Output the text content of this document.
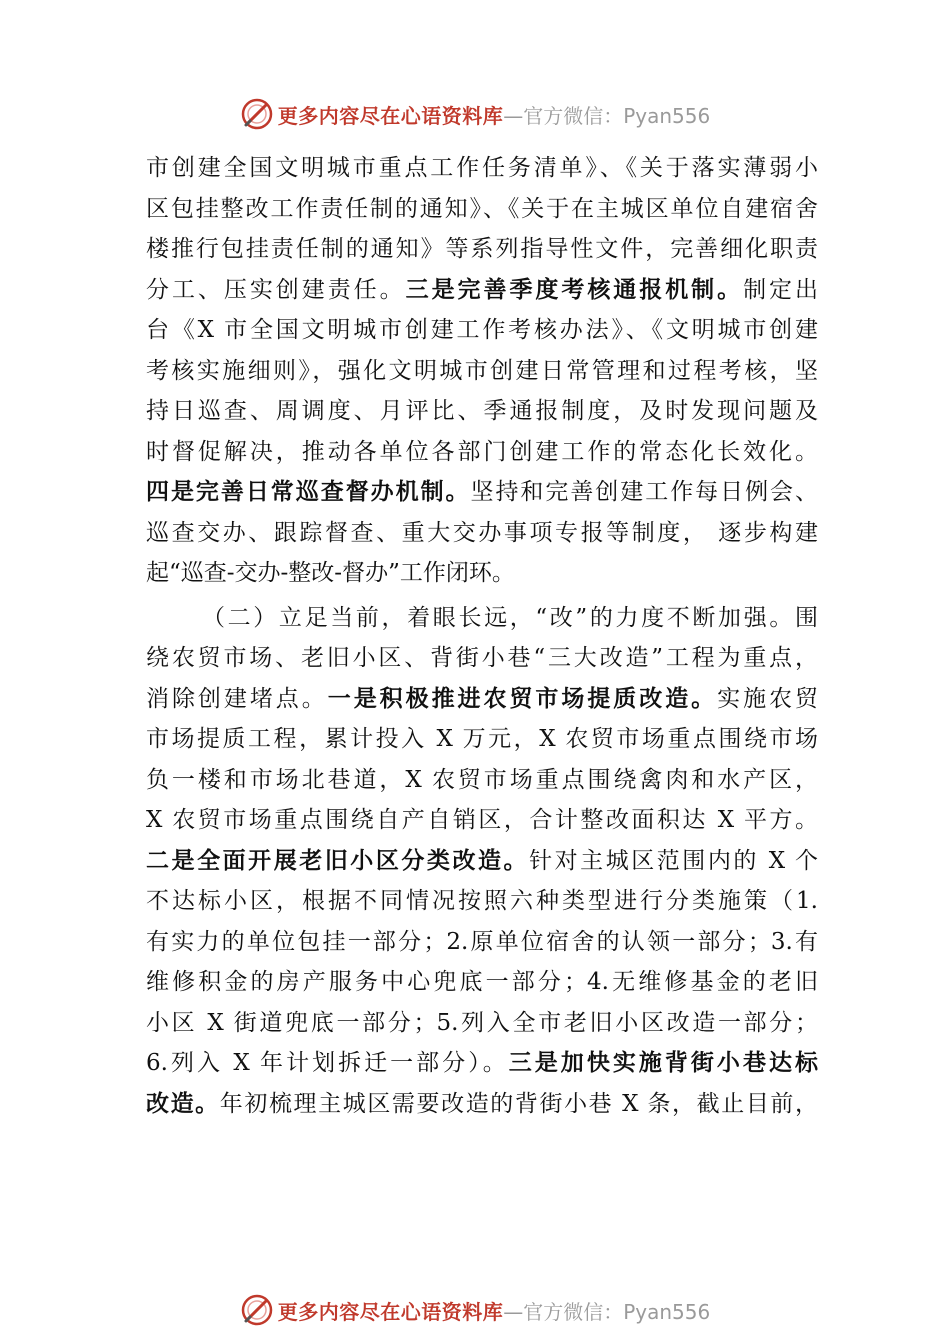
更多内容尽在心语资料库 —官方微信：Pyan556
市创建全国文明城市重点工作任务清单》、《关于落实薄弱小
区包挂整改工作责任制的通知》、《关于在主城区单位自建宿舍
楼推行包挂责任制的通知》等系列指导性文件，完善细化职责
分工、压实创建责任。三是完善季度考核通报机制。制定出
台《X 市全国文明城市创建工作考核办法》、《文明城市创建
考核实施细则》，强化文明城市创建日常管理和过程考核，坚
持日巡查、周调度、月评比、季通报制度，及时发现问题及
时督促解决，推动各单位各部门创建工作的常态化长效化。
四是完善日常巡查督办机制。坚持和完善创建工作每日例会、
巡查交办、跟踪督查、重大交办事项专报等制度， 逐步构建
起“巡查-交办-整改-督办”工作闭环。
（二）立足当前，着眼长远，“改”的力度不断加强。围
绕农贸市场、老旧小区、背街小巷“三大改造”工程为重点，
消除创建堵点。一是积极推进农贸市场提质改造。实施农贸
市场提质工程，累计投入 X 万元，X 农贸市场重点围绕市场
负一楼和市场北巷道，X 农贸市场重点围绕禽肉和水产区，
X 农贸市场重点围绕自产自销区，合计整改面积达 X 平方。
二是全面开展老旧小区分类改造。针对主城区范围内的 X 个
不达标小区，根据不同情况按照六种类型进行分类施策（1.
有实力的单位包挂一部分；2.原单位宿舍的认领一部分；3.有
维修积金的房产服务中心兜底一部分；4.无维修基金的老旧
小区 X 街道兜底一部分；5.列入全市老旧小区改造一部分；
6.列入 X 年计划拆迁一部分）。三是加快实施背街小巷达标
改造。年初梳理主城区需要改造的背街小巷 X 条，截止目前，
更多内容尽在心语资料库 —官方微信：Pyan556
